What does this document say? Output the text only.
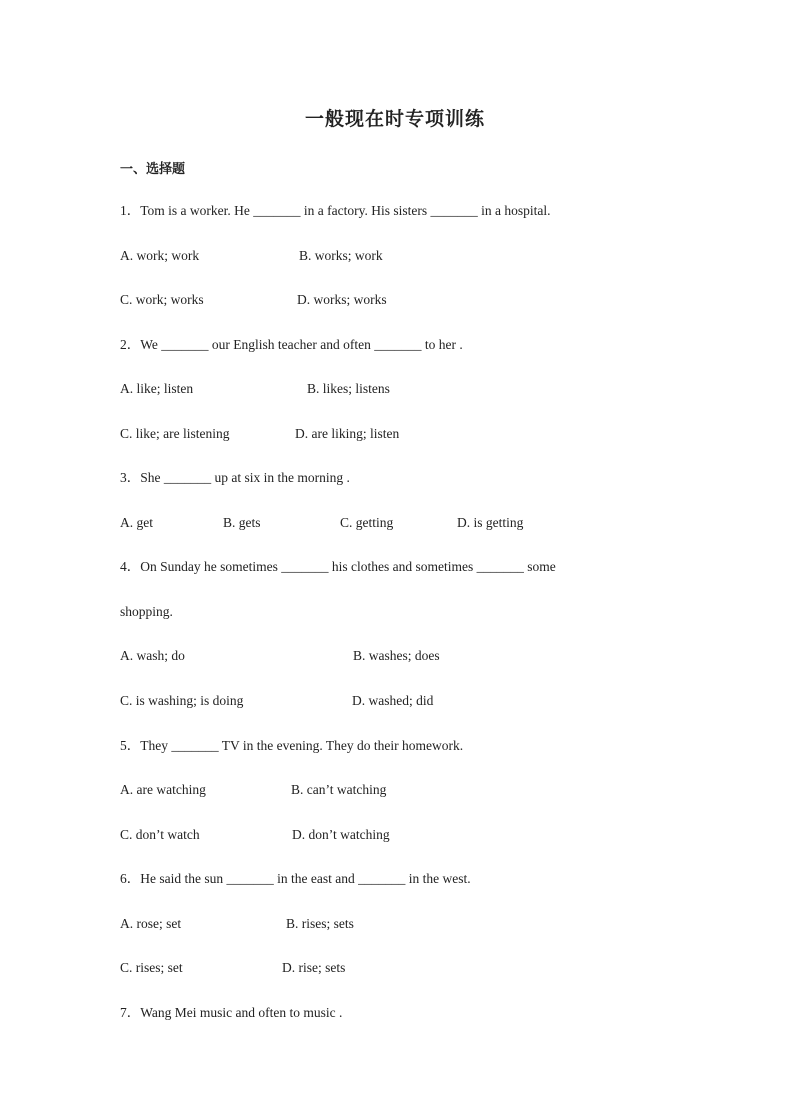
一般现在时专项训练
一、选择题
1．Tom is a worker. He _______ in a factory. His sisters _______ in a hospital.
A. work; work	B. works; work
C. work; works	D. works; works
2．We _______ our English teacher and often _______ to her .
A. like; listen	B. likes; listens
C. like; are listening	D. are liking; listen
3．She _______ up at six in the morning .
A. get	B. gets	C. getting	D. is getting
4．On Sunday he sometimes _______ his clothes and sometimes _______ some
shopping.
A. wash; do	B. washes; does
C. is washing; is doing	D. washed; did
5．They _______ TV in the evening. They do their homework.
A. are watching	B. can’t watching
C. don’t watch	D. don’t watching
6．He said the sun _______ in the east and _______ in the west.
A. rose; set	B. rises; sets
C. rises; set	D. rise; sets
7．Wang Mei music and often to music .
